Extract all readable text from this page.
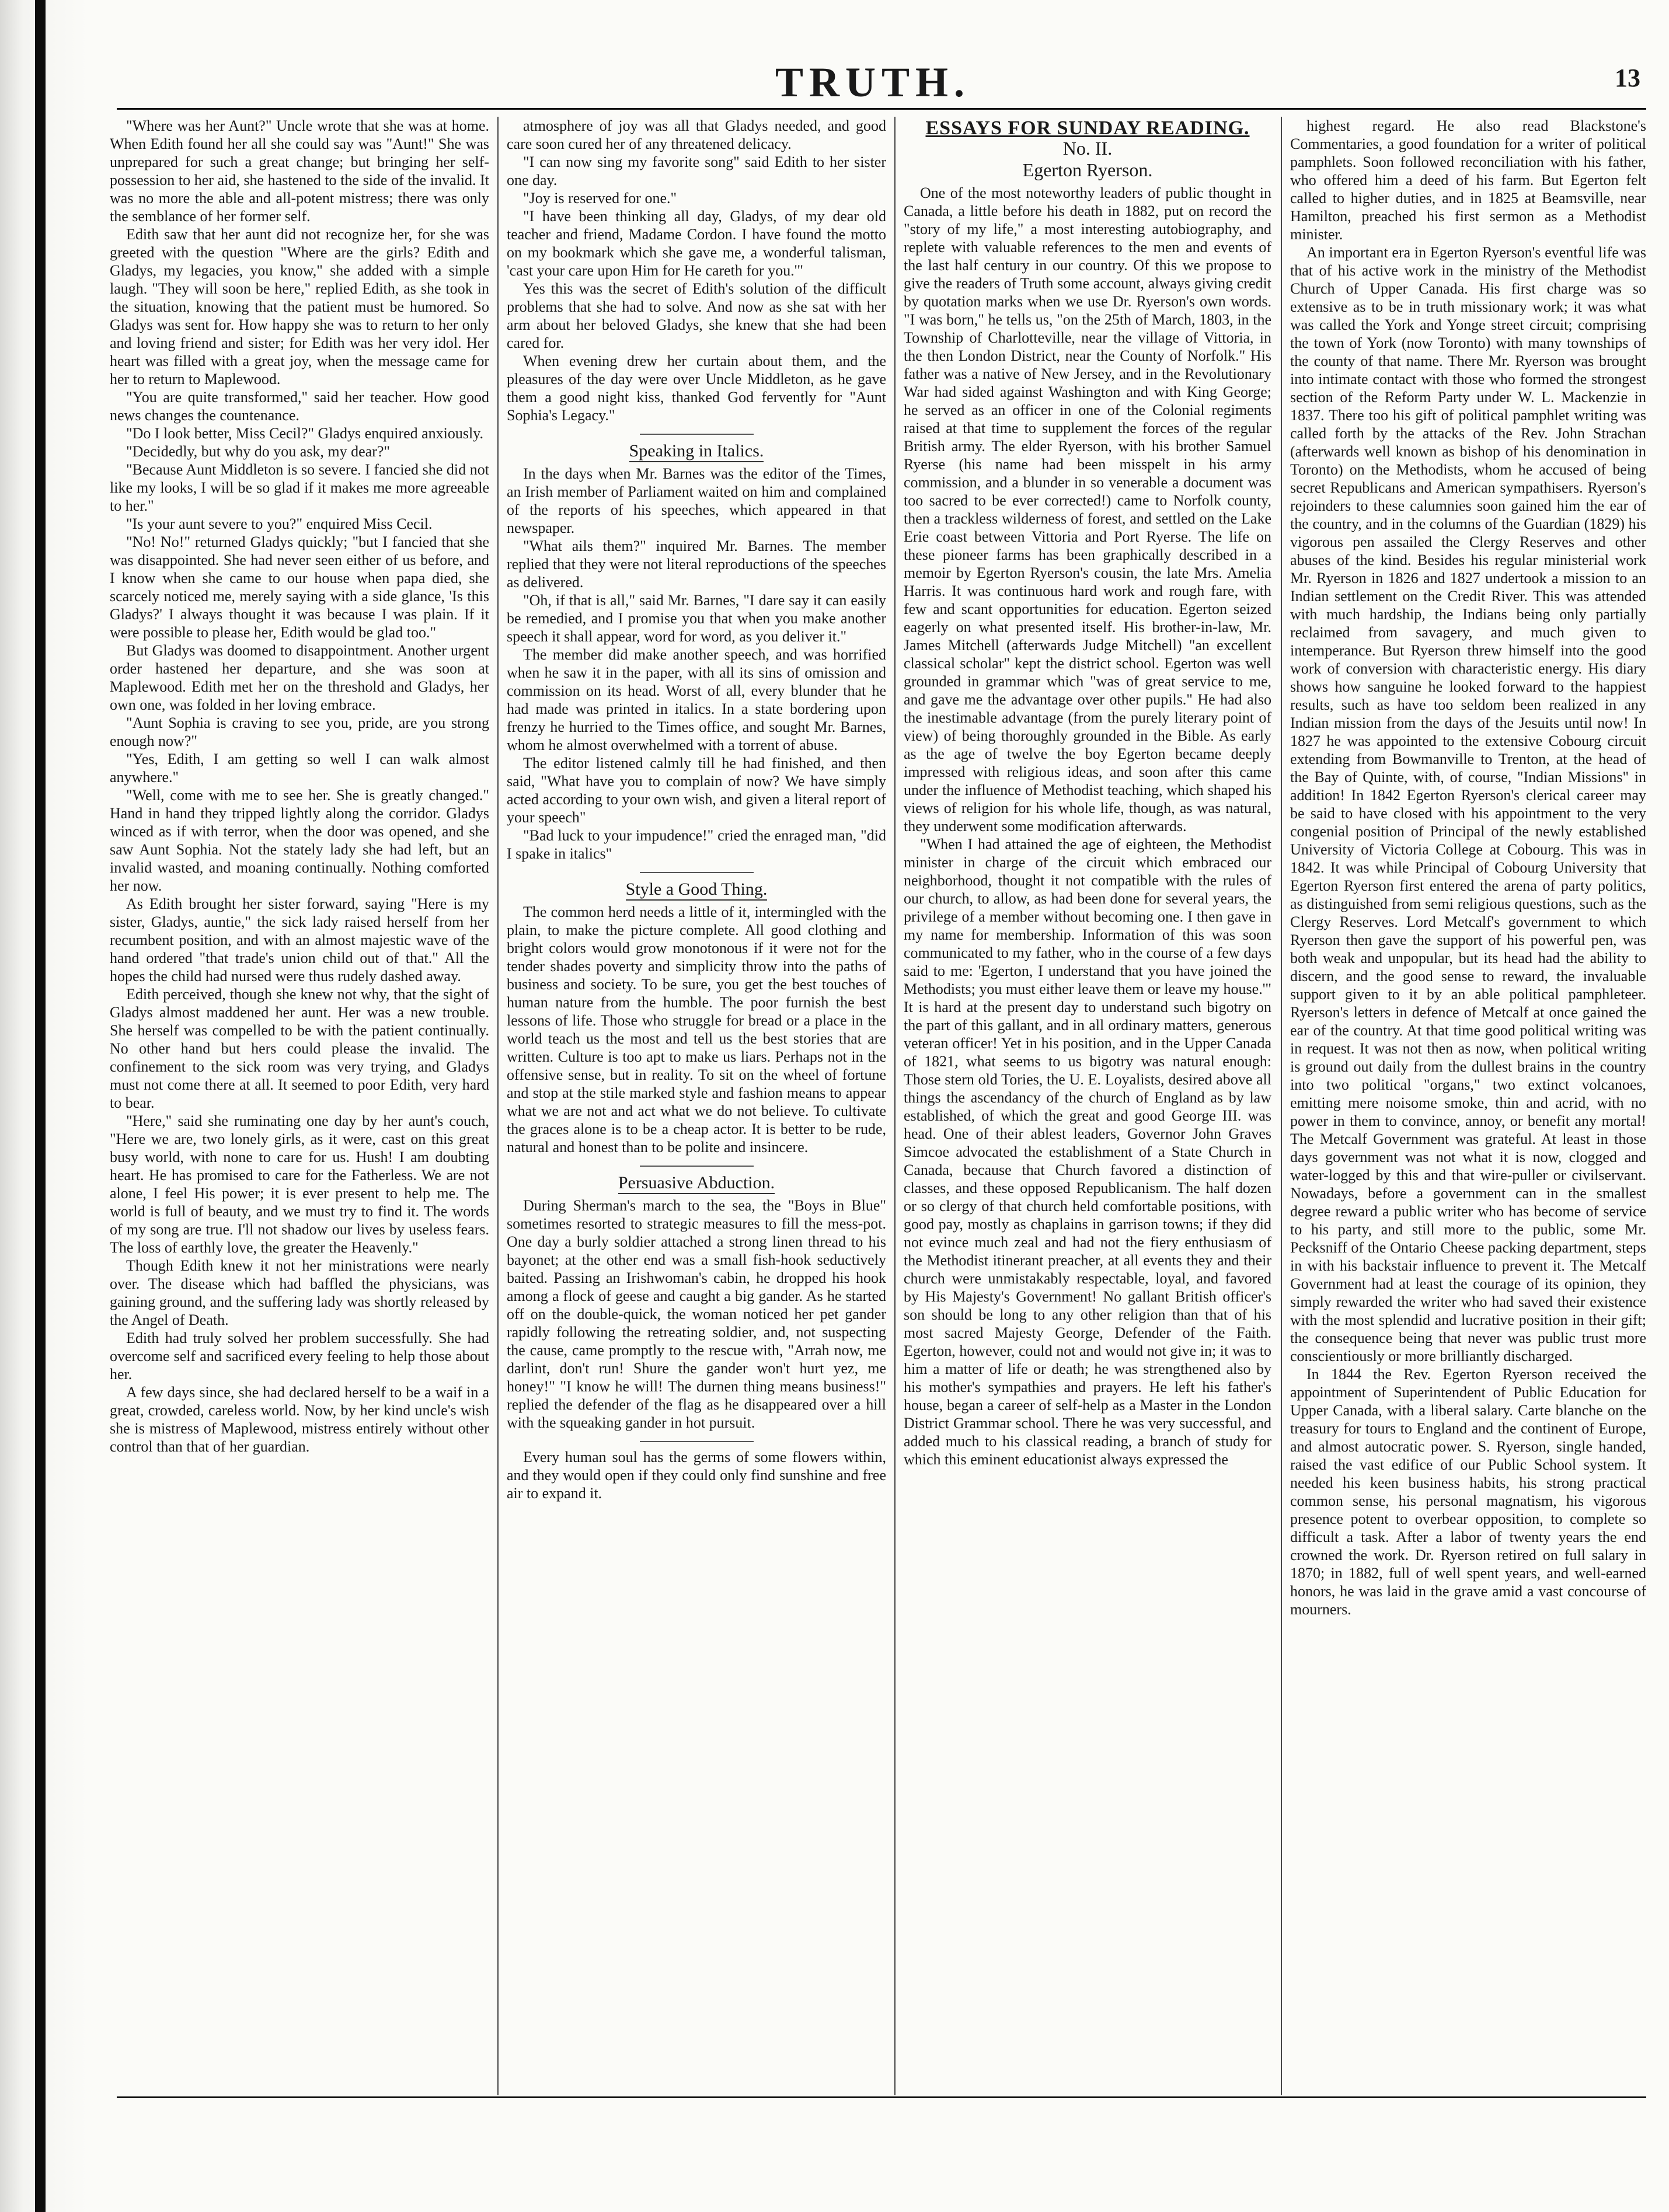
TRUTH.	13

"Where was her Aunt?" Uncle wrote that she was at home. When Edith found her all she could say was "Aunt!" She was unprepared for such a great change; but bringing her self-possession to her aid, she hastened to the side of the invalid. It was no more the able and all-potent mistress; there was only the semblance of her former self.

Edith saw that her aunt did not recognize her, for she was greeted with the question "Where are the girls? Edith and Gladys, my legacies, you know," she added with a simple laugh. "They will soon be here," replied Edith, as she took in the situation, knowing that the patient must be humored. So Gladys was sent for. How happy she was to return to her only and loving friend and sister; for Edith was her very idol. Her heart was filled with a great joy, when the message came for her to return to Maplewood.

"You are quite transformed," said her teacher. How good news changes the countenance.

"Do I look better, Miss Cecil?" Gladys enquired anxiously.

"Decidedly, but why do you ask, my dear?"

"Because Aunt Middleton is so severe. I fancied she did not like my looks, I will be so glad if it makes me more agreeable to her."

"Is your aunt severe to you?" enquired Miss Cecil.

"No! No!" returned Gladys quickly; "but I fancied that she was disappointed. She had never seen either of us before, and I know when she came to our house when papa died, she scarcely noticed me, merely saying with a side glance, 'Is this Gladys?' I always thought it was because I was plain. If it were possible to please her, Edith would be glad too."

But Gladys was doomed to disappointment. Another urgent order hastened her departure, and she was soon at Maplewood. Edith met her on the threshold and Gladys, her own one, was folded in her loving embrace.

"Aunt Sophia is craving to see you, pride, are you strong enough now?"

"Yes, Edith, I am getting so well I can walk almost anywhere."

"Well, come with me to see her. She is greatly changed." Hand in hand they tripped lightly along the corridor. Gladys winced as if with terror, when the door was opened, and she saw Aunt Sophia. Not the stately lady she had left, but an invalid wasted, and moaning continually. Nothing comforted her now.

As Edith brought her sister forward, saying "Here is my sister, Gladys, auntie," the sick lady raised herself from her recumbent position, and with an almost majestic wave of the hand ordered "that trade's union child out of that." All the hopes the child had nursed were thus rudely dashed away.

Edith perceived, though she knew not why, that the sight of Gladys almost maddened her aunt. Her was a new trouble. She herself was compelled to be with the patient continually. No other hand but hers could please the invalid. The confinement to the sick room was very trying, and Gladys must not come there at all. It seemed to poor Edith, very hard to bear.

"Here," said she ruminating one day by her aunt's couch, "Here we are, two lonely girls, as it were, cast on this great busy world, with none to care for us. Hush! I am doubting heart. He has promised to care for the Fatherless. We are not alone, I feel His power; it is ever present to help me. The world is full of beauty, and we must try to find it. The words of my song are true. I'll not shadow our lives by useless fears. The loss of earthly love, the greater the Heavenly."

Though Edith knew it not her ministrations were nearly over. The disease which had baffled the physicians, was gaining ground, and the suffering lady was shortly released by the Angel of Death.

Edith had truly solved her problem successfully. She had overcome self and sacrificed every feeling to help those about her.

A few days since, she had declared herself to be a waif in a great, crowded, careless world. Now, by her kind uncle's wish she is mistress of Maplewood, mistress entirely without other control than that of her guardian.

atmosphere of joy was all that Gladys needed, and good care soon cured her of any threatened delicacy.

"I can now sing my favorite song" said Edith to her sister one day.

"Joy is reserved for one."

"I have been thinking all day, Gladys, of my dear old teacher and friend, Madame Cordon. I have found the motto on my bookmark which she gave me, a wonderful talisman, 'cast your care upon Him for He careth for you.'"

Yes this was the secret of Edith's solution of the difficult problems that she had to solve. And now as she sat with her arm about her beloved Gladys, she knew that she had been cared for.

When evening drew her curtain about them, and the pleasures of the day were over Uncle Middleton, as he gave them a good night kiss, thanked God fervently for "Aunt Sophia's Legacy."

Speaking in Italics.

In the days when Mr. Barnes was the editor of the Times, an Irish member of Parliament waited on him and complained of the reports of his speeches, which appeared in that newspaper.

"What ails them?" inquired Mr. Barnes. The member replied that they were not literal reproductions of the speeches as delivered.

"Oh, if that is all," said Mr. Barnes, "I dare say it can easily be remedied, and I promise you that when you make another speech it shall appear, word for word, as you deliver it."

The member did make another speech, and was horrified when he saw it in the paper, with all its sins of omission and commission on its head. Worst of all, every blunder that he had made was printed in italics. In a state bordering upon frenzy he hurried to the Times office, and sought Mr. Barnes, whom he almost overwhelmed with a torrent of abuse.

The editor listened calmly till he had finished, and then said, "What have you to complain of now? We have simply acted according to your own wish, and given a literal report of your speech"

"Bad luck to your impudence!" cried the enraged man, "did I spake in italics"

Style a Good Thing.

The common herd needs a little of it, intermingled with the plain, to make the picture complete. All good clothing and bright colors would grow monotonous if it were not for the tender shades poverty and simplicity throw into the paths of business and society. To be sure, you get the best touches of human nature from the humble. The poor furnish the best lessons of life. Those who struggle for bread or a place in the world teach us the most and tell us the best stories that are written. Culture is too apt to make us liars. Perhaps not in the offensive sense, but in reality. To sit on the wheel of fortune and stop at the stile marked style and fashion means to appear what we are not and act what we do not believe. To cultivate the graces alone is to be a cheap actor. It is better to be rude, natural and honest than to be polite and insincere.

Persuasive Abduction.

During Sherman's march to the sea, the "Boys in Blue" sometimes resorted to strategic measures to fill the mess-pot. One day a burly soldier attached a strong linen thread to his bayonet; at the other end was a small fish-hook seductively baited. Passing an Irishwoman's cabin, he dropped his hook among a flock of geese and caught a big gander. As he started off on the double-quick, the woman noticed her pet gander rapidly following the retreating soldier, and, not suspecting the cause, came promptly to the rescue with, "Arrah now, me darlint, don't run! Shure the gander won't hurt yez, me honey!" "I know he will! The durnen thing means business!" replied the defender of the flag as he disappeared over a hill with the squeaking gander in hot pursuit.

Every human soul has the germs of some flowers within, and they would open if they could only find sunshine and free air to expand it.

ESSAYS FOR SUNDAY READING.
No. II.
Egerton Ryerson.

One of the most noteworthy leaders of public thought in Canada, a little before his death in 1882, put on record the "story of my life," a most interesting autobiography, and replete with valuable references to the men and events of the last half century in our country. Of this we propose to give the readers of Truth some account, always giving credit by quotation marks when we use Dr. Ryerson's own words. "I was born," he tells us, "on the 25th of March, 1803, in the Township of Charlotteville, near the village of Vittoria, in the then London District, near the County of Norfolk." His father was a native of New Jersey, and in the Revolutionary War had sided against Washington and with King George; he served as an officer in one of the Colonial regiments raised at that time to supplement the forces of the regular British army. The elder Ryerson, with his brother Samuel Ryerse (his name had been misspelt in his army commission, and a blunder in so venerable a document was too sacred to be ever corrected!) came to Norfolk county, then a trackless wilderness of forest, and settled on the Lake Erie coast between Vittoria and Port Ryerse. The life on these pioneer farms has been graphically described in a memoir by Egerton Ryerson's cousin, the late Mrs. Amelia Harris. It was continuous hard work and rough fare, with few and scant opportunities for education. Egerton seized eagerly on what presented itself. His brother-in-law, Mr. James Mitchell (afterwards Judge Mitchell) "an excellent classical scholar" kept the district school. Egerton was well grounded in grammar which "was of great service to me, and gave me the advantage over other pupils." He had also the inestimable advantage (from the purely literary point of view) of being thoroughly grounded in the Bible. As early as the age of twelve the boy Egerton became deeply impressed with religious ideas, and soon after this came under the influence of Methodist teaching, which shaped his views of religion for his whole life, though, as was natural, they underwent some modification afterwards.

"When I had attained the age of eighteen, the Methodist minister in charge of the circuit which embraced our neighborhood, thought it not compatible with the rules of our church, to allow, as had been done for several years, the privilege of a member without becoming one. I then gave in my name for membership. Information of this was soon communicated to my father, who in the course of a few days said to me: 'Egerton, I understand that you have joined the Methodists; you must either leave them or leave my house.'" It is hard at the present day to understand such bigotry on the part of this gallant, and in all ordinary matters, generous veteran officer! Yet in his position, and in the Upper Canada of 1821, what seems to us bigotry was natural enough: Those stern old Tories, the U. E. Loyalists, desired above all things the ascendancy of the church of England as by law established, of which the great and good George III. was head. One of their ablest leaders, Governor John Graves Simcoe advocated the establishment of a State Church in Canada, because that Church favored a distinction of classes, and these opposed Republicanism. The half dozen or so clergy of that church held comfortable positions, with good pay, mostly as chaplains in garrison towns; if they did not evince much zeal and had not the fiery enthusiasm of the Methodist itinerant preacher, at all events they and their church were unmistakably respectable, loyal, and favored by His Majesty's Government! No gallant British officer's son should be long to any other religion than that of his most sacred Majesty George, Defender of the Faith. Egerton, however, could not and would not give in; it was to him a matter of life or death; he was strengthened also by his mother's sympathies and prayers. He left his father's house, began a career of self-help as a Master in the London District Grammar school. There he was very successful, and added much to his classical reading, a branch of study for which this eminent educationist always expressed the

highest regard. He also read Blackstone's Commentaries, a good foundation for a writer of political pamphlets. Soon followed reconciliation with his father, who offered him a deed of his farm. But Egerton felt called to higher duties, and in 1825 at Beamsville, near Hamilton, preached his first sermon as a Methodist minister.

An important era in Egerton Ryerson's eventful life was that of his active work in the ministry of the Methodist Church of Upper Canada. His first charge was so extensive as to be in truth missionary work; it was what was called the York and Yonge street circuit; comprising the town of York (now Toronto) with many townships of the county of that name. There Mr. Ryerson was brought into intimate contact with those who formed the strongest section of the Reform Party under W. L. Mackenzie in 1837. There too his gift of political pamphlet writing was called forth by the attacks of the Rev. John Strachan (afterwards well known as bishop of his denomination in Toronto) on the Methodists, whom he accused of being secret Republicans and American sympathisers. Ryerson's rejoinders to these calumnies soon gained him the ear of the country, and in the columns of the Guardian (1829) his vigorous pen assailed the Clergy Reserves and other abuses of the kind. Besides his regular ministerial work Mr. Ryerson in 1826 and 1827 undertook a mission to an Indian settlement on the Credit River. This was attended with much hardship, the Indians being only partially reclaimed from savagery, and much given to intemperance. But Ryerson threw himself into the good work of conversion with characteristic energy. His diary shows how sanguine he looked forward to the happiest results, such as have too seldom been realized in any Indian mission from the days of the Jesuits until now! In 1827 he was appointed to the extensive Cobourg circuit extending from Bowmanville to Trenton, at the head of the Bay of Quinte, with, of course, "Indian Missions" in addition! In 1842 Egerton Ryerson's clerical career may be said to have closed with his appointment to the very congenial position of Principal of the newly established University of Victoria College at Cobourg. This was in 1842. It was while Principal of Cobourg University that Egerton Ryerson first entered the arena of party politics, as distinguished from semi religious questions, such as the Clergy Reserves. Lord Metcalf's government to which Ryerson then gave the support of his powerful pen, was both weak and unpopular, but its head had the ability to discern, and the good sense to reward, the invaluable support given to it by an able political pamphleteer. Ryerson's letters in defence of Metcalf at once gained the ear of the country. At that time good political writing was in request. It was not then as now, when political writing is ground out daily from the dullest brains in the country into two political "organs," two extinct volcanoes, emitting mere noisome smoke, thin and acrid, with no power in them to convince, annoy, or benefit any mortal! The Metcalf Government was grateful. At least in those days government was not what it is now, clogged and water-logged by this and that wire-puller or civilservant. Nowadays, before a government can in the smallest degree reward a public writer who has become of service to his party, and still more to the public, some Mr. Pecksniff of the Ontario Cheese packing department, steps in with his backstair influence to prevent it. The Metcalf Government had at least the courage of its opinion, they simply rewarded the writer who had saved their existence with the most splendid and lucrative position in their gift; the consequence being that never was public trust more conscientiously or more brilliantly discharged.

In 1844 the Rev. Egerton Ryerson received the appointment of Superintendent of Public Education for Upper Canada, with a liberal salary. Carte blanche on the treasury for tours to England and the continent of Europe, and almost autocratic power. S. Ryerson, single handed, raised the vast edifice of our Public School system. It needed his keen business habits, his strong practical common sense, his personal magnatism, his vigorous presence potent to overbear opposition, to complete so difficult a task. After a labor of twenty years the end crowned the work. Dr. Ryerson retired on full salary in 1870; in 1882, full of well spent years, and well-earned honors, he was laid in the grave amid a vast concourse of mourners.
